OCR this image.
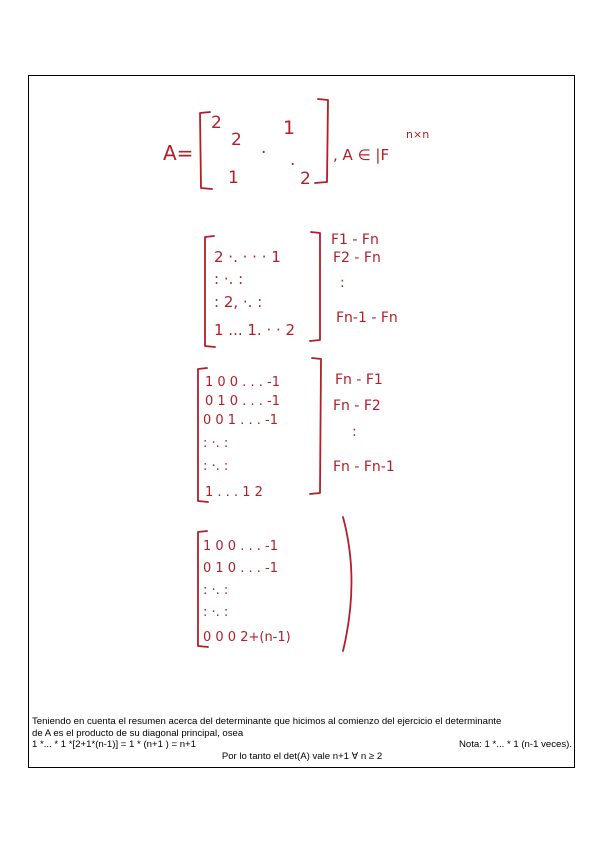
A=
2
2
·
1
1
·
2
, A ∈ |F
n×n
2 ·. · · · 1
: ·. :
: 2, ·. :
1 ... 1. · · 2
F1 - Fn
F2 - Fn
:
Fn-1 - Fn
1 0 0 . . . -1
0 1 0 . . . -1
0 0 1 . . . -1
: ·. :
: ·. :
1 . . . 1 2
Fn - F1
Fn - F2
:
Fn - Fn-1
1 0 0 . . . -1
0 1 0 . . . -1
: ·. :
: ·. :
0 0 0 2+(n-1)
Teniendo en cuenta el resumen acerca del determinante que hicimos al comienzo del ejercicio el determinante
de A es el producto de su diagonal principal, osea
1 *... * 1 *[2+1*(n-1)] = 1 * (n+1 ) = n+1	Nota: 1 *... * 1 (n-1 veces).
Por lo tanto el det(A) vale n+1 ∀ n ≥ 2
